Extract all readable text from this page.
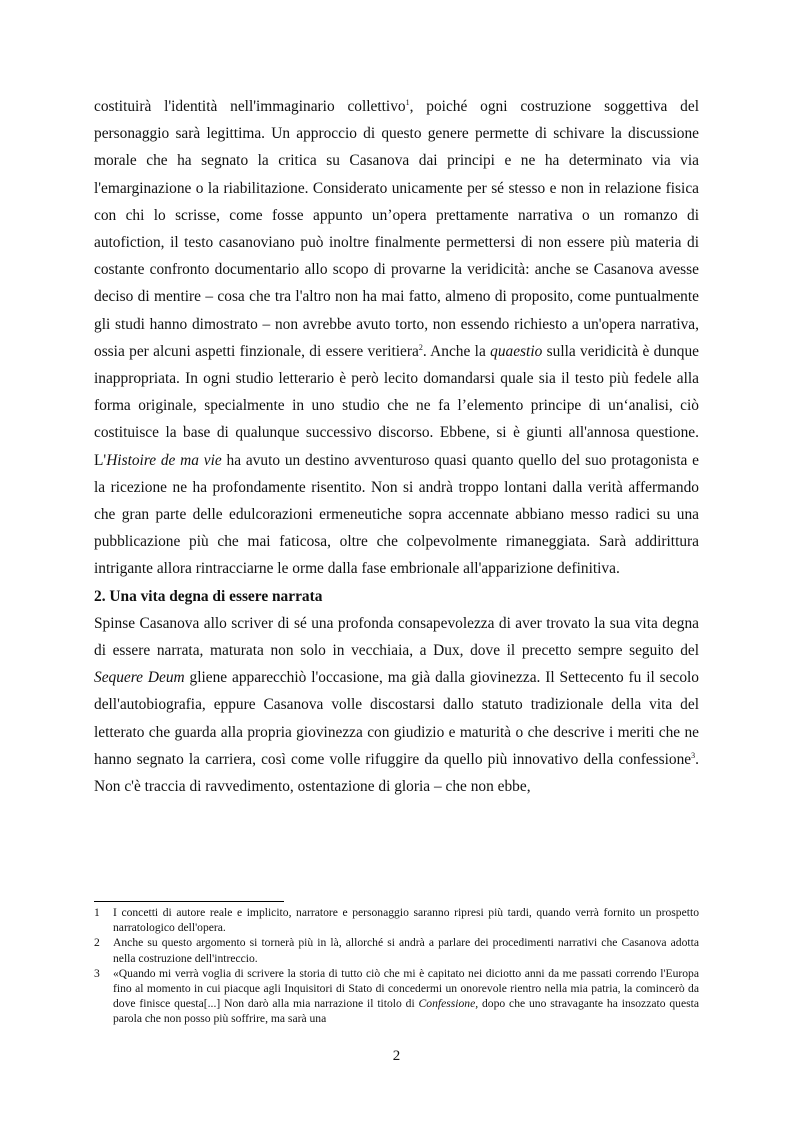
costituirà l'identità nell'immaginario collettivo$^1$, poiché ogni costruzione soggettiva del personaggio sarà legittima. Un approccio di questo genere permette di schivare la discussione morale che ha segnato la critica su Casanova dai principi e ne ha determinato via via l'emarginazione o la riabilitazione. Considerato unicamente per sé stesso e non in relazione fisica con chi lo scrisse, come fosse appunto un’opera prettamente narrativa o un romanzo di autofiction, il testo casanoviano può inoltre finalmente permettersi di non essere più materia di costante confronto documentario allo scopo di provarne la veridicità: anche se Casanova avesse deciso di mentire – cosa che tra l'altro non ha mai fatto, almeno di proposito, come puntualmente gli studi hanno dimostrato – non avrebbe avuto torto, non essendo richiesto a un'opera narrativa, ossia per alcuni aspetti finzionale, di essere veritiera$^2$. Anche la quaestio sulla veridicità è dunque inappropriata. In ogni studio letterario è però lecito domandarsi quale sia il testo più fedele alla forma originale, specialmente in uno studio che ne fa l’elemento principe di un‘analisi, ciò costituisce la base di qualunque successivo discorso. Ebbene, si è giunti all'annosa questione. L'Histoire de ma vie ha avuto un destino avventuroso quasi quanto quello del suo protagonista e la ricezione ne ha profondamente risentito. Non si andrà troppo lontani dalla verità affermando che gran parte delle edulcorazioni ermeneutiche sopra accennate abbiano messo radici su una pubblicazione più che mai faticosa, oltre che colpevolmente rimaneggiata. Sarà addirittura intrigante allora rintracciarne le orme dalla fase embrionale all'apparizione definitiva.

2. Una vita degna di essere narrata

Spinse Casanova allo scriver di sé una profonda consapevolezza di aver trovato la sua vita degna di essere narrata, maturata non solo in vecchiaia, a Dux, dove il precetto sempre seguito del Sequere Deum gliene apparecchiò l'occasione, ma già dalla giovinezza. Il Settecento fu il secolo dell'autobiografia, eppure Casanova volle discostarsi dallo statuto tradizionale della vita del letterato che guarda alla propria giovinezza con giudizio e maturità o che descrive i meriti che ne hanno segnato la carriera, così come volle rifuggire da quello più innovativo della confessione$^3$. Non c'è traccia di ravvedimento, ostentazione di gloria – che non ebbe,

1	I concetti di autore reale e implicito, narratore e personaggio saranno ripresi più tardi, quando verrà fornito un prospetto narratologico dell'opera.
2	Anche su questo argomento si tornerà più in là, allorché si andrà a parlare dei procedimenti narrativi che Casanova adotta nella costruzione dell'intreccio.
3	«Quando mi verrà voglia di scrivere la storia di tutto ciò che mi è capitato nei diciotto anni da me passati correndo l'Europa fino al momento in cui piacque agli Inquisitori di Stato di concedermi un onorevole rientro nella mia patria, la comincerò da dove finisce questa[...] Non darò alla mia narrazione il titolo di Confessione, dopo che uno stravagante ha insozzato questa parola che non posso più soffrire, ma sarà una
2
